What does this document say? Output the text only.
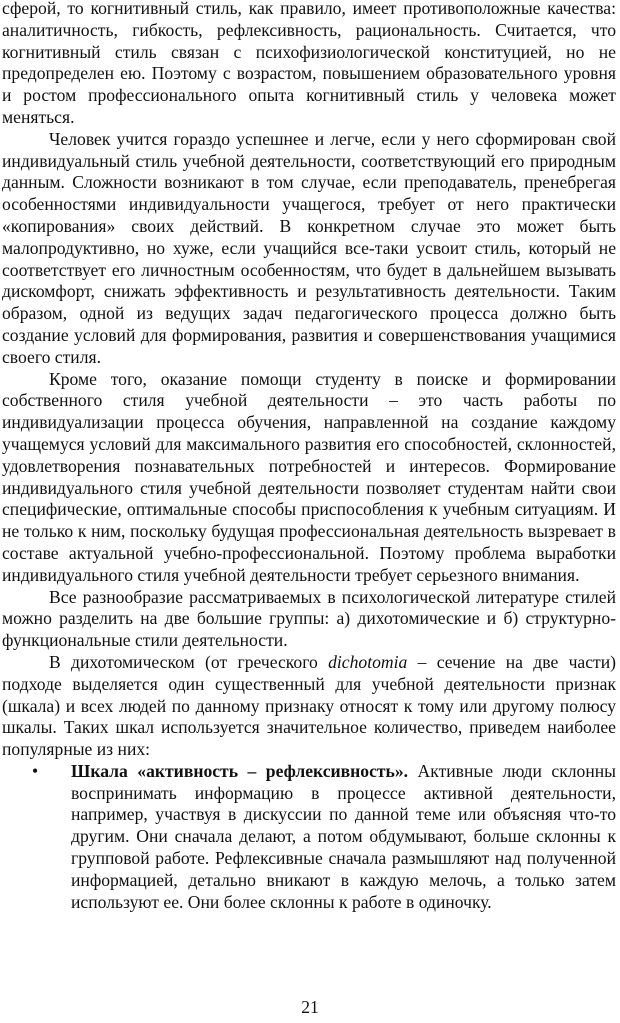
сферой, то когнитивный стиль, как правило, имеет противоположные качества: аналитичность, гибкость, рефлексивность, рациональность. Считается, что когнитивный стиль связан с психофизиологической конституцией, но не предопределен ею. Поэтому с возрастом, повышением образовательного уровня и ростом профессионального опыта когнитивный стиль у человека может меняться.

Человек учится гораздо успешнее и легче, если у него сформирован свой индивидуальный стиль учебной деятельности, соответствующий его природным данным. Сложности возникают в том случае, если преподаватель, пренебрегая особенностями индивидуальности учащегося, требует от него практически «копирования» своих действий. В конкретном случае это может быть малопродуктивно, но хуже, если учащийся все-таки усвоит стиль, который не соответствует его личностным особенностям, что будет в дальнейшем вызывать дискомфорт, снижать эффективность и результативность деятельности. Таким образом, одной из ведущих задач педагогического процесса должно быть создание условий для формирования, развития и совершенствования учащимися своего стиля.

Кроме того, оказание помощи студенту в поиске и формировании собственного стиля учебной деятельности – это часть работы по индивидуализации процесса обучения, направленной на создание каждому учащемуся условий для максимального развития его способностей, склонностей, удовлетворения познавательных потребностей и интересов. Формирование индивидуального стиля учебной деятельности позволяет студентам найти свои специфические, оптимальные способы приспособления к учебным ситуациям. И не только к ним, поскольку будущая профессиональная деятельность вызревает в составе актуальной учебно-профессиональной. Поэтому проблема выработки индивидуального стиля учебной деятельности требует серьезного внимания.

Все разнообразие рассматриваемых в психологической литературе стилей можно разделить на две большие группы: а) дихотомические и б) структурно-функциональные стили деятельности.

В дихотомическом (от греческого dichotomia – сечение на две части) подходе выделяется один существенный для учебной деятельности признак (шкала) и всех людей по данному признаку относят к тому или другому полюсу шкалы. Таких шкал используется значительное количество, приведем наиболее популярные из них:

• Шкала «активность – рефлексивность». Активные люди склонны воспринимать информацию в процессе активной деятельности, например, участвуя в дискуссии по данной теме или объясняя что-то другим. Они сначала делают, а потом обдумывают, больше склонны к групповой работе. Рефлексивные сначала размышляют над полученной информацией, детально вникают в каждую мелочь, а только затем используют ее. Они более склонны к работе в одиночку.
21
